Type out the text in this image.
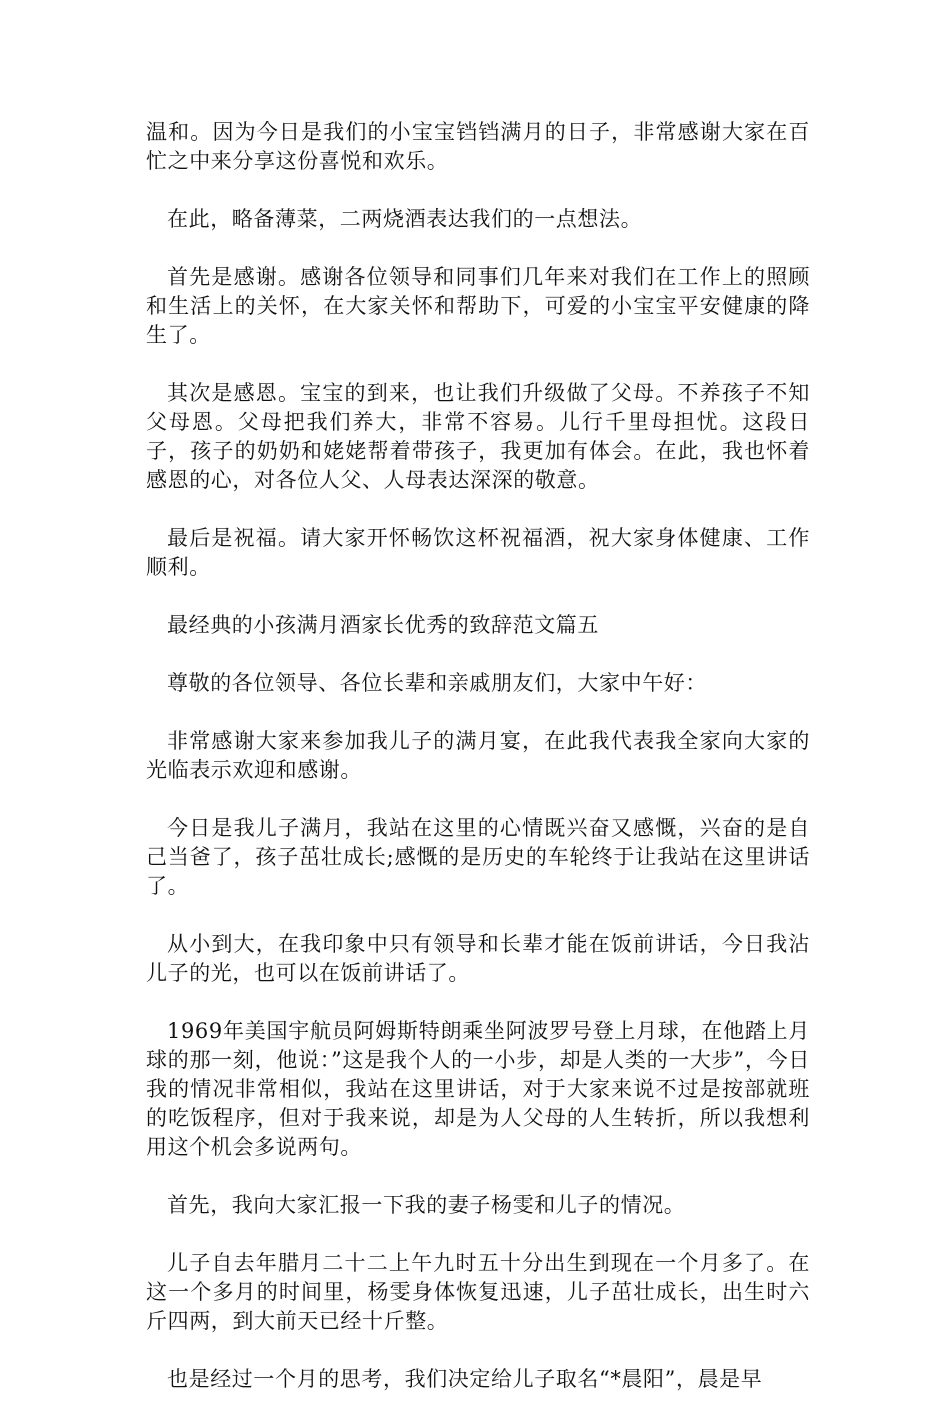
温和。因为今日是我们的小宝宝铛铛满月的日子，非常感谢大家在百忙之中来分享这份喜悦和欢乐。

在此，略备薄菜，二两烧酒表达我们的一点想法。

首先是感谢。感谢各位领导和同事们几年来对我们在工作上的照顾和生活上的关怀，在大家关怀和帮助下，可爱的小宝宝平安健康的降生了。

其次是感恩。宝宝的到来，也让我们升级做了父母。不养孩子不知父母恩。父母把我们养大，非常不容易。儿行千里母担忧。这段日子，孩子的奶奶和姥姥帮着带孩子，我更加有体会。在此，我也怀着感恩的心，对各位人父、人母表达深深的敬意。

最后是祝福。请大家开怀畅饮这杯祝福酒，祝大家身体健康、工作顺利。

最经典的小孩满月酒家长优秀的致辞范文篇五

尊敬的各位领导、各位长辈和亲戚朋友们，大家中午好：

非常感谢大家来参加我儿子的满月宴，在此我代表我全家向大家的光临表示欢迎和感谢。

今日是我儿子满月，我站在这里的心情既兴奋又感慨，兴奋的是自己当爸了，孩子茁壮成长;感慨的是历史的车轮终于让我站在这里讲话了。

从小到大，在我印象中只有领导和长辈才能在饭前讲话，今日我沾儿子的光，也可以在饭前讲话了。

1969年美国宇航员阿姆斯特朗乘坐阿波罗号登上月球，在他踏上月球的那一刻，他说：”这是我个人的一小步，却是人类的一大步”，今日我的情况非常相似，我站在这里讲话，对于大家来说不过是按部就班的吃饭程序，但对于我来说，却是为人父母的人生转折，所以我想利用这个机会多说两句。

首先，我向大家汇报一下我的妻子杨雯和儿子的情况。

儿子自去年腊月二十二上午九时五十分出生到现在一个月多了。在这一个多月的时间里，杨雯身体恢复迅速，儿子茁壮成长，出生时六斤四两，到大前天已经十斤整。

也是经过一个月的思考，我们决定给儿子取名“*晨阳”，晨是早
